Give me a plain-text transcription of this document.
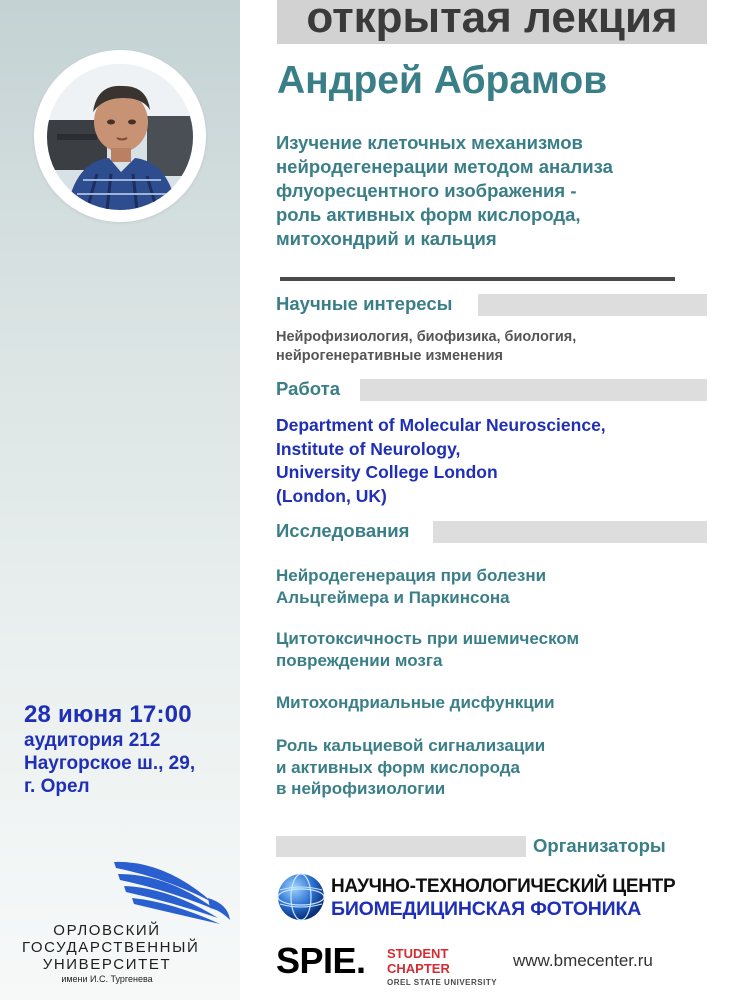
открытая лекция
Андрей Абрамов
Изучение клеточных механизмов
нейродегенерации методом анализа
флуоресцентного изображения -
роль активных форм кислорода,
митохондрий и кальция
Научные интересы
Нейрофизиология, биофизика, биология,
нейрогенеративные изменения
Работа
Department of Molecular Neuroscience,
Institute of Neurology,
University College London
(London, UK)
Исследования
Нейродегенерация при болезни
Альцгеймера и Паркинсона
Цитотоксичность при ишемическом
повреждении мозга
Митохондриальные дисфункции
Роль кальциевой сигнализации
и активных форм кислорода
в нейрофизиологии
28 июня 17:00
аудитория 212
Наугорское ш., 29,
г. Орел
ОРЛОВСКИЙ
ГОСУДАРСТВЕННЫЙ
УНИВЕРСИТЕТ
имени И.С. Тургенева
Организаторы
НАУЧНО-ТЕХНОЛОГИЧЕСКИЙ ЦЕНТР
БИОМЕДИЦИНСКАЯ ФОТОНИКА
SPIE. STUDENT
CHAPTER
OREL STATE UNIVERSITY
www.bmecenter.ru
